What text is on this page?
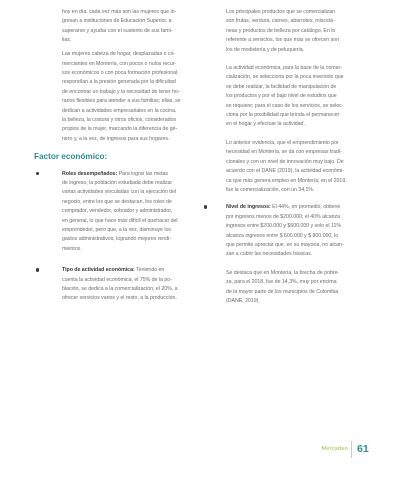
hoy en día, cada vez más son las mujeres que in-
gresan a instituciones de Educación Superior, a
superarse y ayudar con el sustento de sus fami-
lias.
Las mujeres cabeza de hogar, desplazadas o co-
merciantes en Montería, con pocos o nulos recur-
sos económicos o con poca formación profesional,
respondían a la presión generada por la dificultad
de encontrar un trabajo y la necesidad de tener ho-
rarios flexibles para atender a sus familias; ellas, se
dedican a actividades empresariales en la cocina,
la belleza, la costura y otros oficios, considerados
propios de la mujer, marcando la diferencia de gé-
nero y, a la vez, de ingresos para sus hogares.
Factor económico:
Roles desempeñados: Para lograr las metas
de ingreso, la población estudiada debe realizar
varias actividades vinculadas con la ejecución del
negocio, entre los que se destacan, los roles de
comprador, vendedor, cobrador y administrador,
en general, lo que hace más difícil el quehacer del
emprendedor, pero que, a la vez, disminuye los
gastos administrativos, logrando mejores rendi-
mientos.
Tipo de actividad económica: Teniendo en
cuenta la actividad económica, el 75% de la po-
blación, se dedica a la comercialización, el 20%, a
ofrecer servicios varios y el resto, a la producción.
Los principales productos que se comercializan
son frutas, verdura, carnes, abarrotes, miscelá-
neas y productos de belleza por catálogo. En lo
referente a servicios, los que más se ofrecen son
los de modistería y de peluquería.
La actividad económica, para la base de la comer-
cialización, se selecciona por la poca inversión que
se debe realizar, la facilidad de manipulación de
los productos y por el bajo nivel de estudios que
se requiere; para el caso de los servicios, se selec-
ciona por la posibilidad que brinda el permanecer
en el hogar y efectuar la actividad.
Lo anterior evidencia, que el emprendimiento por
necesidad en Montería, se da con empresas tradi-
cionales y con un nivel de innovación muy bajo. De
acuerdo con el DANE (2019), la actividad económi-
ca que más genera empleo en Montería, en el 2019,
fue la comercialización, con un 34,1%.
Nivel de ingresos: El 44%, en promedio, obtiene
por ingresos menos de $200.000; el 40% alcanza
ingresos entre $200.000 y $600.000 y solo el 11%
alcanza ingresos entre $ 600.000 y $ 800.000, lo
que permite apreciar que, en su mayoría, no alcan-
zan a cubrir las necesidades básicas.
Se destaca que en Montería, la brecha de pobre-
za, para el 2018, fue de 14,3%, muy por encima
de la mayor parte de los municipios de Colombia
(DANE, 2019).
Mercadeo 61
